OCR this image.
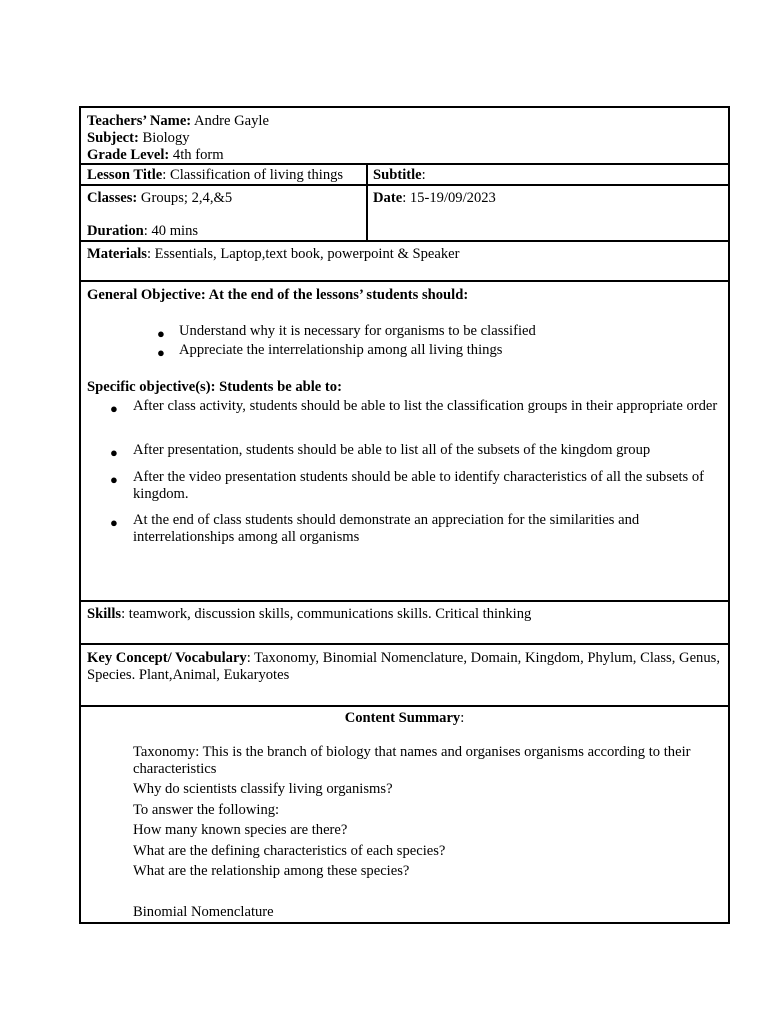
Teachers’ Name: Andre Gayle
Subject: Biology
Grade Level: 4th form
Lesson Title: Classification of living things Subtitle:
Classes: Groups; 2,4,&5
Duration: 40 mins
Date: 15-19/09/2023
Materials: Essentials, Laptop,text book, powerpoint & Speaker
General Objective: At the end of the lessons’ students should:
● Understand why it is necessary for organisms to be classified
● Appreciate the interrelationship among all living things
Specific objective(s): Students be able to:
● After class activity, students should be able to list the classification groups in their appropriate order
● After presentation, students should be able to list all of the subsets of the kingdom group
● After the video presentation students should be able to identify characteristics of all the subsets of kingdom.
● At the end of class students should demonstrate an appreciation for the similarities and interrelationships among all organisms
Skills: teamwork, discussion skills, communications skills. Critical thinking
Key Concept/ Vocabulary: Taxonomy, Binomial Nomenclature, Domain, Kingdom, Phylum, Class, Genus, Species. Plant,Animal, Eukaryotes
Content Summary:
Taxonomy: This is the branch of biology that names and organises organisms according to their characteristics
Why do scientists classify living organisms?
To answer the following:
How many known species are there?
What are the defining characteristics of each species?
What are the relationship among these species?
Binomial Nomenclature
